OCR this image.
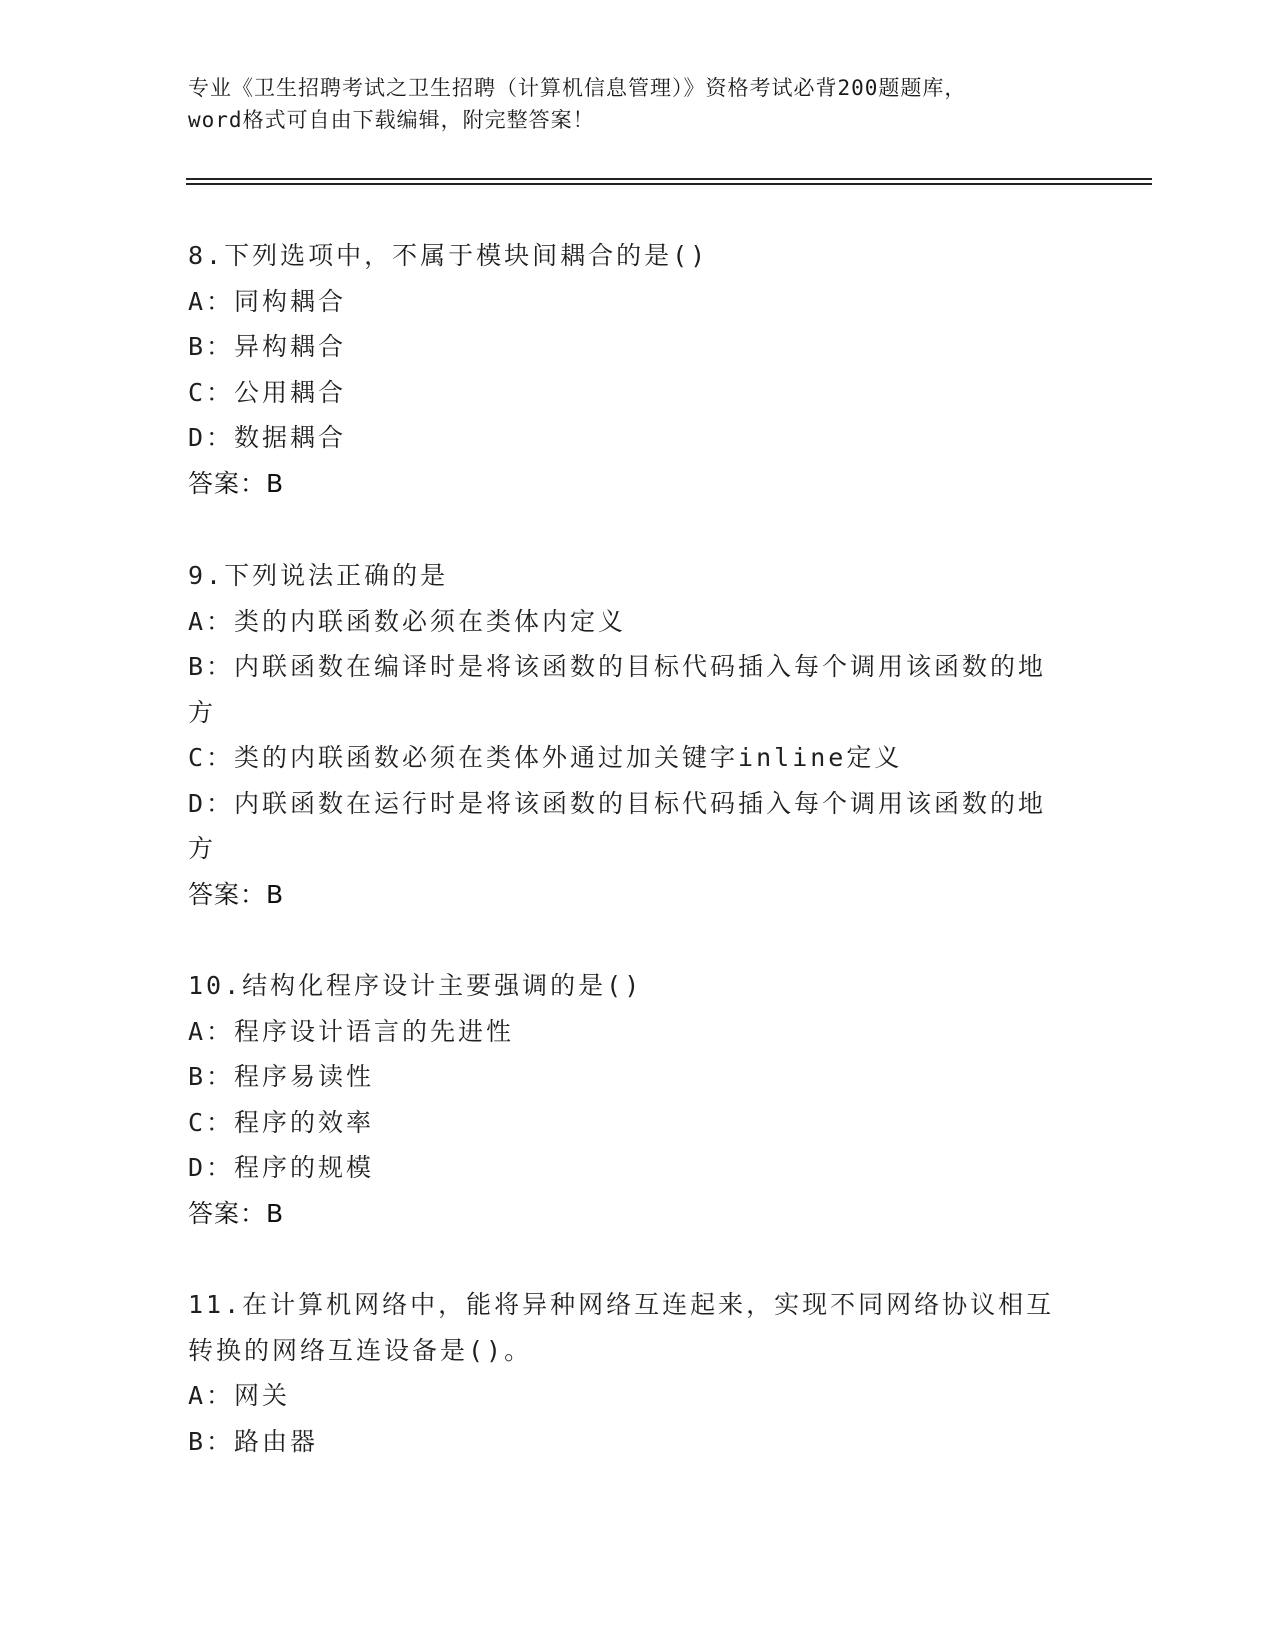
专业《卫生招聘考试之卫生招聘（计算机信息管理）》资格考试必背200题题库，
word格式可自由下载编辑，附完整答案！
8.下列选项中，不属于模块间耦合的是()
A：同构耦合
B：异构耦合
C：公用耦合
D：数据耦合
答案：B
9.下列说法正确的是
A：类的内联函数必须在类体内定义
B：内联函数在编译时是将该函数的目标代码插入每个调用该函数的地方
C：类的内联函数必须在类体外通过加关键字inline定义
D：内联函数在运行时是将该函数的目标代码插入每个调用该函数的地方
答案：B
10.结构化程序设计主要强调的是()
A：程序设计语言的先进性
B：程序易读性
C：程序的效率
D：程序的规模
答案：B
11.在计算机网络中，能将异种网络互连起来，实现不同网络协议相互转换的网络互连设备是()。
A：网关
B：路由器
